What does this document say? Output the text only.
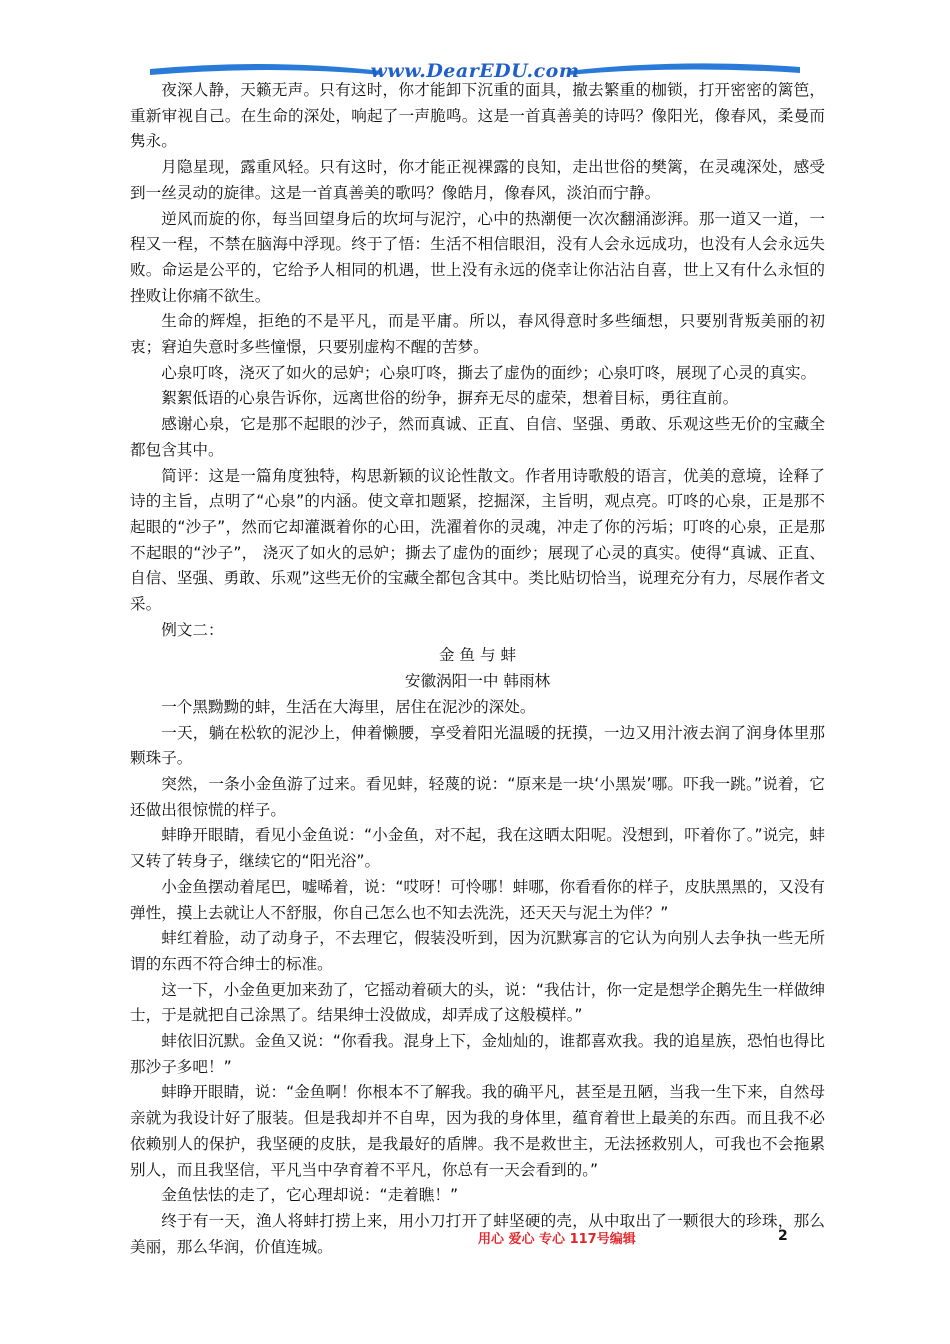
www.DearEDU.com

夜深人静，天籁无声。只有这时，你才能卸下沉重的面具，撤去繁重的枷锁，打开密密的篱笆，重新审视自己。在生命的深处，响起了一声脆鸣。这是一首真善美的诗吗？像阳光，像春风，柔曼而隽永。

月隐星现，露重风轻。只有这时，你才能正视裸露的良知，走出世俗的樊篱，在灵魂深处，感受到一丝灵动的旋律。这是一首真善美的歌吗？像皓月，像春风，淡泊而宁静。

逆风而旋的你，每当回望身后的坎坷与泥泞，心中的热潮便一次次翻涌澎湃。那一道又一道，一程又一程，不禁在脑海中浮现。终于了悟：生活不相信眼泪，没有人会永远成功，也没有人会永远失败。命运是公平的，它给予人相同的机遇，世上没有永远的侥幸让你沾沾自喜，世上又有什么永恒的挫败让你痛不欲生。

生命的辉煌，拒绝的不是平凡，而是平庸。所以，春风得意时多些缅想，只要别背叛美丽的初衷；窘迫失意时多些憧憬，只要别虚构不醒的苦梦。

心泉叮咚，浇灭了如火的忌妒；心泉叮咚，撕去了虚伪的面纱；心泉叮咚，展现了心灵的真实。

絮絮低语的心泉告诉你，远离世俗的纷争，摒弃无尽的虚荣，想着目标，勇往直前。

感谢心泉，它是那不起眼的沙子，然而真诚、正直、自信、坚强、勇敢、乐观这些无价的宝藏全都包含其中。

简评：这是一篇角度独特，构思新颖的议论性散文。作者用诗歌般的语言，优美的意境，诠释了诗的主旨，点明了“心泉”的内涵。使文章扣题紧，挖掘深，主旨明，观点亮。叮咚的心泉，正是那不起眼的“沙子”，然而它却灌溉着你的心田，洗濯着你的灵魂，冲走了你的污垢；叮咚的心泉，正是那不起眼的“沙子”， 浇灭了如火的忌妒；撕去了虚伪的面纱；展现了心灵的真实。使得“真诚、正直、自信、坚强、勇敢、乐观”这些无价的宝藏全都包含其中。类比贴切恰当，说理充分有力，尽展作者文采。

例文二：

金 鱼 与 蚌

安徽涡阳一中 韩雨林

一个黑黝黝的蚌，生活在大海里，居住在泥沙的深处。

一天，躺在松软的泥沙上，伸着懒腰，享受着阳光温暖的抚摸，一边又用汁液去润了润身体里那颗珠子。

突然，一条小金鱼游了过来。看见蚌，轻蔑的说：“原来是一块‘小黑炭’哪。吓我一跳。”说着，它还做出很惊慌的样子。

蚌睁开眼睛，看见小金鱼说：“小金鱼，对不起，我在这晒太阳呢。没想到，吓着你了。”说完，蚌又转了转身子，继续它的“阳光浴”。

小金鱼摆动着尾巴，嘘唏着，说：“哎呀！可怜哪！蚌哪，你看看你的样子，皮肤黑黑的，又没有弹性，摸上去就让人不舒服，你自己怎么也不知去洗洗，还天天与泥土为伴？”

蚌红着脸，动了动身子，不去理它，假装没听到，因为沉默寡言的它认为向别人去争执一些无所谓的东西不符合绅士的标准。

这一下，小金鱼更加来劲了，它摇动着硕大的头，说：“我估计，你一定是想学企鹅先生一样做绅士，于是就把自己涂黑了。结果绅士没做成，却弄成了这般模样。”

蚌依旧沉默。金鱼又说：“你看我。混身上下，金灿灿的，谁都喜欢我。我的追星族，恐怕也得比那沙子多吧！”

蚌睁开眼睛，说：“金鱼啊！你根本不了解我。我的确平凡，甚至是丑陋，当我一生下来，自然母亲就为我设计好了服装。但是我却并不自卑，因为我的身体里，蕴育着世上最美的东西。而且我不必依赖别人的保护，我坚硬的皮肤，是我最好的盾牌。我不是救世主，无法拯救别人，可我也不会拖累别人，而且我坚信，平凡当中孕育着不平凡，你总有一天会看到的。”

金鱼怯怯的走了，它心理却说：“走着瞧！”

终于有一天，渔人将蚌打捞上来，用小刀打开了蚌坚硬的壳，从中取出了一颗很大的珍珠，那么美丽，那么华润，价值连城。	用心 爱心 专心 117号编辑	2
